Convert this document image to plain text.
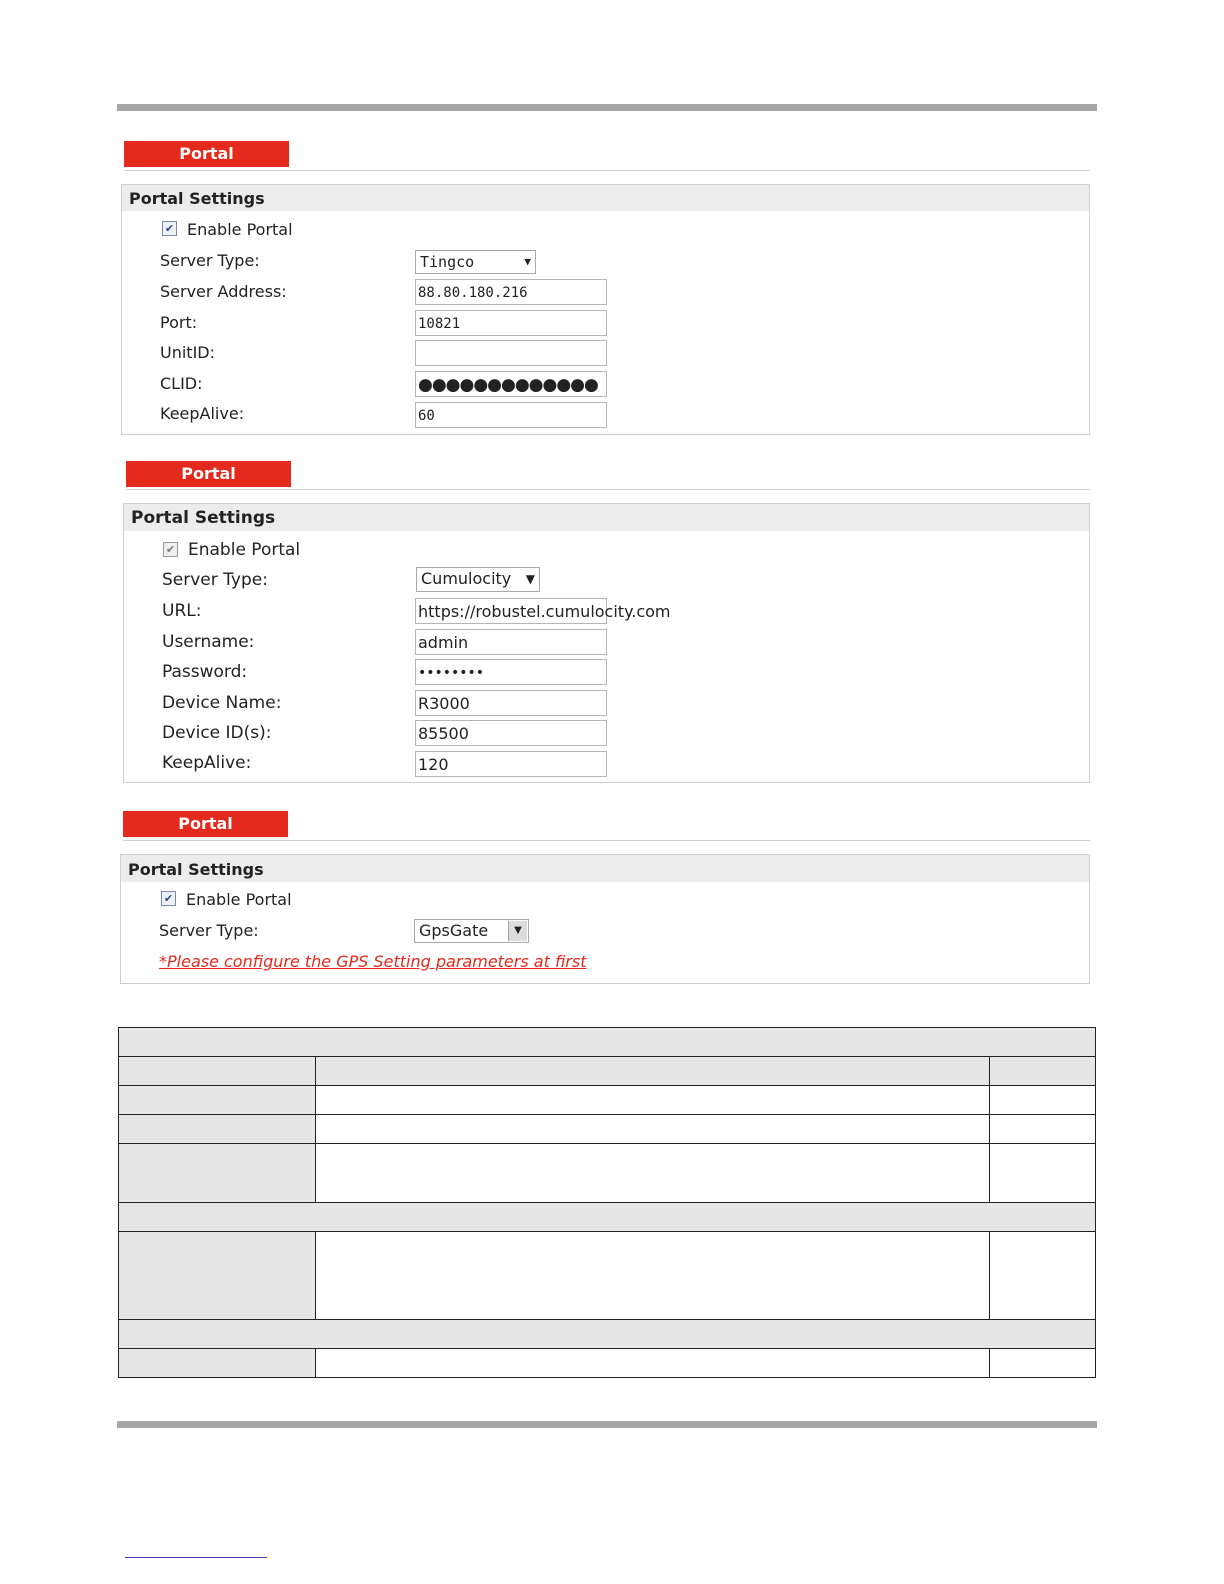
Portal
Portal Settings
✔ Enable Portal
Server Type:	Tingco	▼
Server Address:	88.80.180.216
Port:	10821
UnitID:
CLID:	●●●●●●●●●●●●●
KeepAlive:	60
Portal
Portal Settings
✔ Enable Portal
Server Type:	Cumulocity ▼
URL:	https://robustel.cumulocity.com
Username:	admin
Password:	••••••••
Device Name:	R3000
Device ID(s):	85500
KeepAlive:	120
Portal
Portal Settings
✔ Enable Portal
Server Type:	GpsGate	▼
*Please configure the GPS Setting parameters at first
